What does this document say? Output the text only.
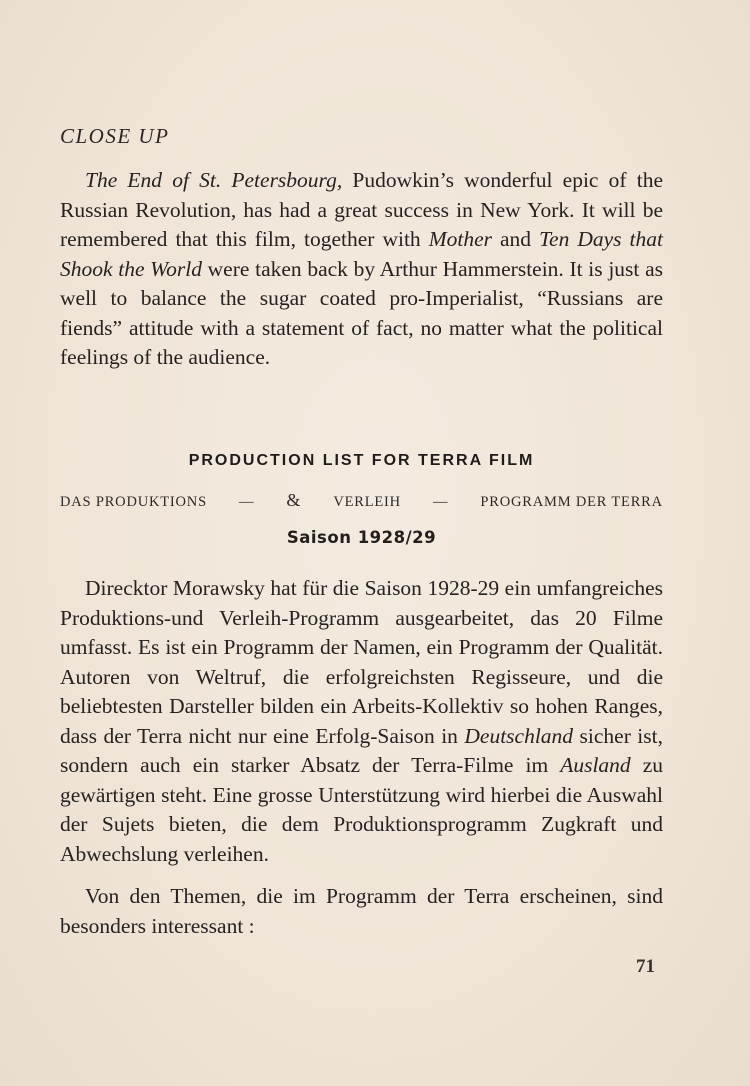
CLOSE UP

The End of St. Petersbourg, Pudowkin’s wonderful epic of the Russian Revolution, has had a great success in New York. It will be remembered that this film, together with Mother and Ten Days that Shook the World were taken back by Arthur Hammerstein. It is just as well to balance the sugar coated pro-Imperialist, “Russians are fiends” attitude with a statement of fact, no matter what the political feelings of the audience.

PRODUCTION LIST FOR TERRA FILM
DAS PRODUKTIONS — & VERLEIH — PROGRAMM DER TERRA
Saison 1928/29

Direcktor Morawsky hat für die Saison 1928-29 ein umfangreiches Produktions-und Verleih-Programm ausgearbeitet, das 20 Filme umfasst. Es ist ein Programm der Namen, ein Programm der Qualität. Autoren von Weltruf, die erfolgreichsten Regisseure, und die beliebtesten Darsteller bilden ein Arbeits-Kollektiv so hohen Ranges, dass der Terra nicht nur eine Erfolg-Saison in Deutschland sicher ist, sondern auch ein starker Absatz der Terra-Filme im Ausland zu gewärtigen steht. Eine grosse Unterstützung wird hierbei die Auswahl der Sujets bieten, die dem Produktionsprogramm Zugkraft und Abwechslung verleihen.

Von den Themen, die im Programm der Terra erscheinen, sind besonders interessant :

71
